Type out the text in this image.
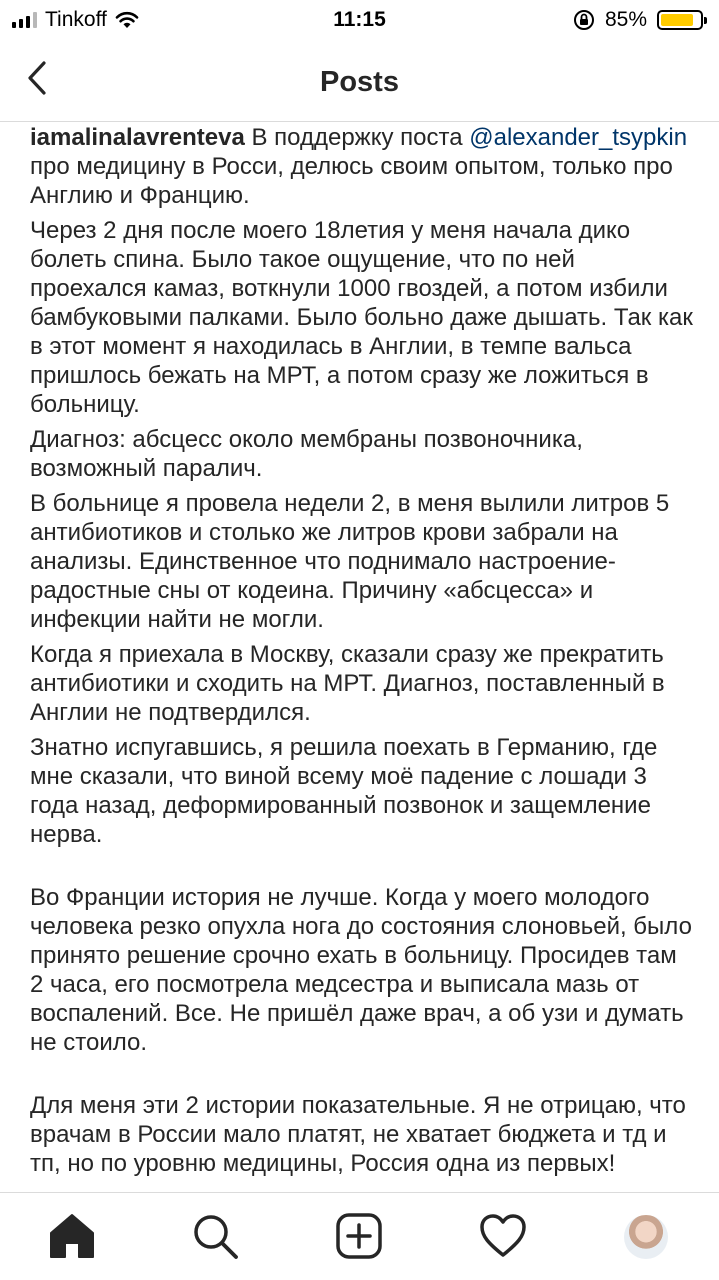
Tinkoff	11:15	85%
Posts

iamalinalavrenteva В поддержку поста @alexander_tsypkin про медицину в Росси, делюсь своим опытом, только про Англию и Францию.

Через 2 дня после моего 18летия у меня начала дико болеть спина. Было такое ощущение, что по ней проехался камаз, воткнули 1000 гвоздей, а потом избили бамбуковыми палками. Было больно даже дышать. Так как в этот момент я находилась в Англии, в темпе вальса пришлось бежать на МРТ, а потом сразу же ложиться в больницу.

Диагноз: абсцесс около мембраны позвоночника, возможный паралич.

В больнице я провела недели 2, в меня вылили литров 5 антибиотиков и столько же литров крови забрали на анализы. Единственное что поднимало настроение- радостные сны от кодеина. Причину «абсцесса» и инфекции найти не могли.

Когда я приехала в Москву, сказали сразу же прекратить антибиотики и сходить на МРТ. Диагноз, поставленный в Англии не подтвердился.

Знатно испугавшись, я решила поехать в Германию, где мне сказали, что виной всему моё падение с лошади 3 года назад, деформированный позвонок и защемление нерва.

Во Франции история не лучше. Когда у моего молодого человека резко опухла нога до состояния слоновьей, было принято решение срочно ехать в больницу. Просидев там 2 часа, его посмотрела медсестра и выписала мазь от воспалений. Все. Не пришёл даже врач, а об узи и думать не стоило.

Для меня эти 2 истории показательные. Я не отрицаю, что врачам в России мало платят, не хватает бюджета и тд и тп, но по уровню медицины, Россия одна из первых!
